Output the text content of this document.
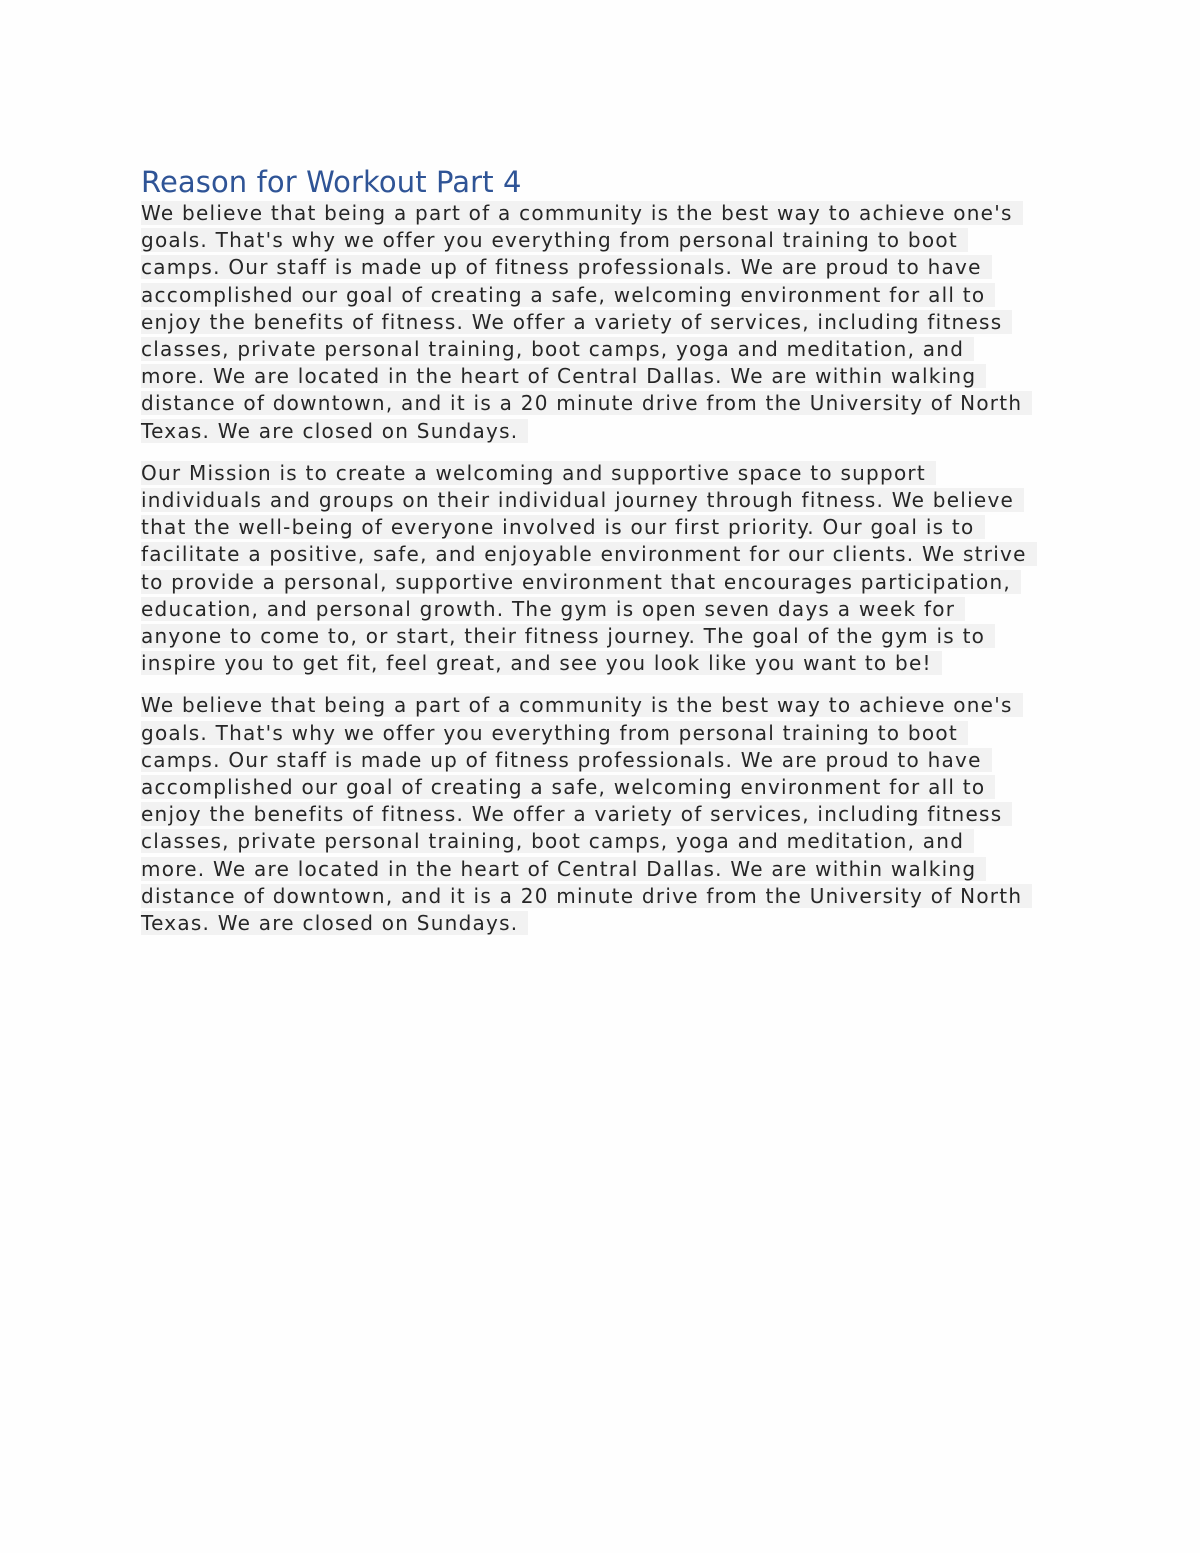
Reason for Workout Part 4

We believe that being a part of a community is the best way to achieve one's
goals. That's why we offer you everything from personal training to boot
camps. Our staff is made up of fitness professionals. We are proud to have
accomplished our goal of creating a safe, welcoming environment for all to
enjoy the benefits of fitness. We offer a variety of services, including fitness
classes, private personal training, boot camps, yoga and meditation, and
more. We are located in the heart of Central Dallas. We are within walking
distance of downtown, and it is a 20 minute drive from the University of North
Texas. We are closed on Sundays.

Our Mission is to create a welcoming and supportive space to support
individuals and groups on their individual journey through fitness. We believe
that the well-being of everyone involved is our first priority. Our goal is to
facilitate a positive, safe, and enjoyable environment for our clients. We strive
to provide a personal, supportive environment that encourages participation,
education, and personal growth. The gym is open seven days a week for
anyone to come to, or start, their fitness journey. The goal of the gym is to
inspire you to get fit, feel great, and see you look like you want to be!

We believe that being a part of a community is the best way to achieve one's
goals. That's why we offer you everything from personal training to boot
camps. Our staff is made up of fitness professionals. We are proud to have
accomplished our goal of creating a safe, welcoming environment for all to
enjoy the benefits of fitness. We offer a variety of services, including fitness
classes, private personal training, boot camps, yoga and meditation, and
more. We are located in the heart of Central Dallas. We are within walking
distance of downtown, and it is a 20 minute drive from the University of North
Texas. We are closed on Sundays.
